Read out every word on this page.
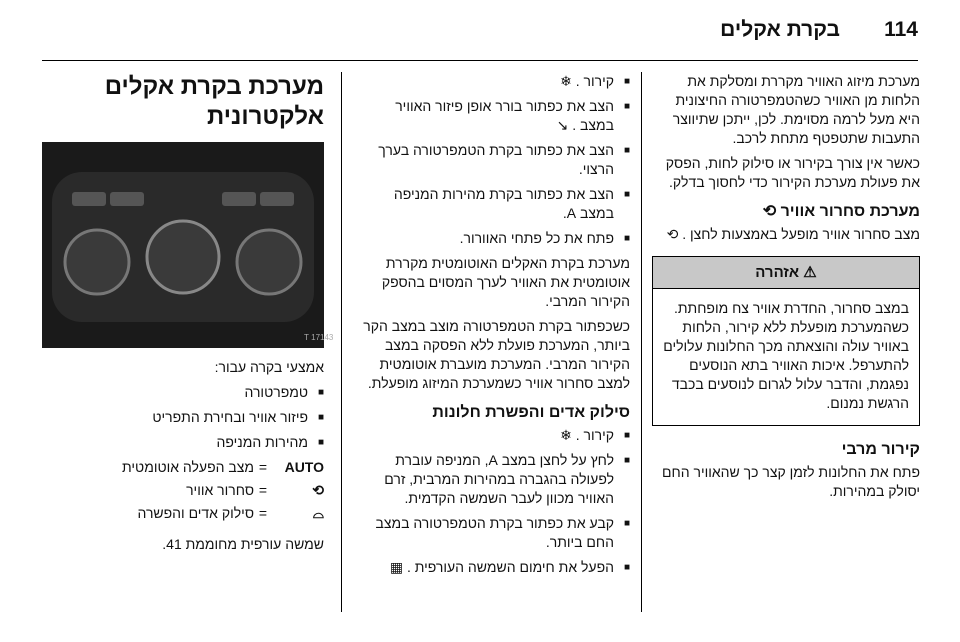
114
בקרת אקלים

מערכת מיזוג האוויר מקררת ומסלקת את הלחות מן האוויר כשהטמפרטורה החיצונית היא מעל לרמה מסוימת. לכן, ייתכן שתיווצר התעבות שתטפטף מתחת לרכב.

כאשר אין צורך בקירור או סילוק לחות, הפסק את פעולת מערכת הקירור כדי לחסוך בדלק.

מערכת סחרור אוויר ⟲

מצב סחרור אוויר מופעל באמצעות לחצן . ⟲

⚠ אזהרה
במצב סחרור, החדרת אוויר צח מופחתת. כשהמערכת מופעלת ללא קירור, הלחות באוויר עולה והוצאתה מכך החלונות עלולים להתערפל. איכות האוויר בתא הנוסעים נפגמת, והדבר עלול לגרום לנוסעים בכבד הרגשת נמנום.
קירור מרבי

פתח את החלונות לזמן קצר כך שהאוויר החם יסולק במהירות.

■ קירור . ❄
■ הצב את כפתור בורר אופן פיזור האוויר במצב . ↘
■ הצב את כפתור בקרת הטמפרטורה בערך הרצוי.
■ הצב את כפתור בקרת מהירות המניפה במצב A.
■ פתח את כל פתחי האוורור.

מערכת בקרת האקלים האוטומטית מקררת אוטומטית את האוויר לערך המסוים בהספק הקירור המרבי.

כשכפתור בקרת הטמפרטורה מוצב במצב הקר ביותר, המערכת פועלת ללא הפסקה במצב הקירור המרבי. המערכת מועברת אוטומטית למצב סחרור אוויר כשמערכת המיזוג מופעלת.

סילוק אדים והפשרת חלונות
■ קירור . ❄
■ לחץ על לחצן במצב A, המניפה עוברת לפעולה בהגברה במהירות המרבית, זרם האוויר מכוון לעבר השמשה הקדמית.
■ קבע את כפתור בקרת הטמפרטורה במצב החם ביותר.
■ הפעל את חימום השמשה העורפית . ▦
מערכת בקרת אקלים
אלקטרונית
17143 T

אמצעי בקרה עבור:

■ טמפרטורה
■ פיזור אוויר ובחירת התפריט
■ מהירות המניפה
AUTO
=
מצב הפעלה אוטומטית
⟲
=
סחרור אוויר
⌓
=
סילוק אדים והפשרה

שמשה עורפית מחוממת 41.
